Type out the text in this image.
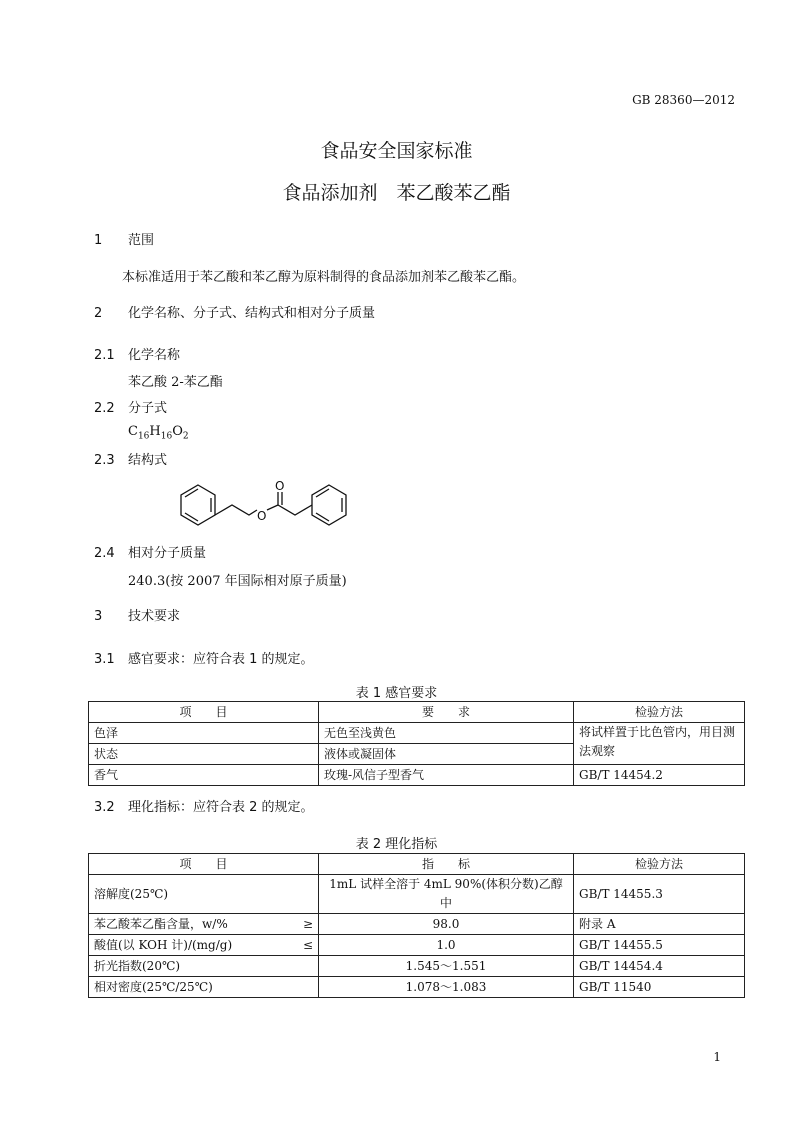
GB 28360—2012
食品安全国家标准
食品添加剂　苯乙酸苯乙酯
1 范围
本标准适用于苯乙酸和苯乙醇为原料制得的食品添加剂苯乙酸苯乙酯。
2 化学名称、分子式、结构式和相对分子质量
2.1 化学名称
苯乙酸 2-苯乙酯
2.2 分子式
$C_{16}H_{16}O_2$
2.3 结构式
O
O
2.4 相对分子质量
240.3(按 2007 年国际相对原子质量)
3 技术要求
3.1 感官要求：应符合表 1 的规定。
表 1 感官要求
项　　目	要　　求	检验方法
色泽	无色至浅黄色	将试样置于比色管内，用目测
法观察

状态	液体或凝固体	
香气	玫瑰-风信子型香气	GB/T 14454.2
3.2 理化指标：应符合表 2 的规定。
表 2 理化指标
项　　目	指　　标	检验方法

溶解度(25℃)	1mL 试样全溶于 4mL 90%(体积分数)乙醇中	GB/T 14455.3

苯乙酸苯乙酯含量，w/% ≥	98.0	附录 A

酸值(以 KOH 计)/(mg/g) ≤	1.0	GB/T 14455.5

折光指数(20℃)	1.545～1.551	GB/T 14454.4

相对密度(25℃/25℃)	1.078～1.083	GB/T 11540
1
